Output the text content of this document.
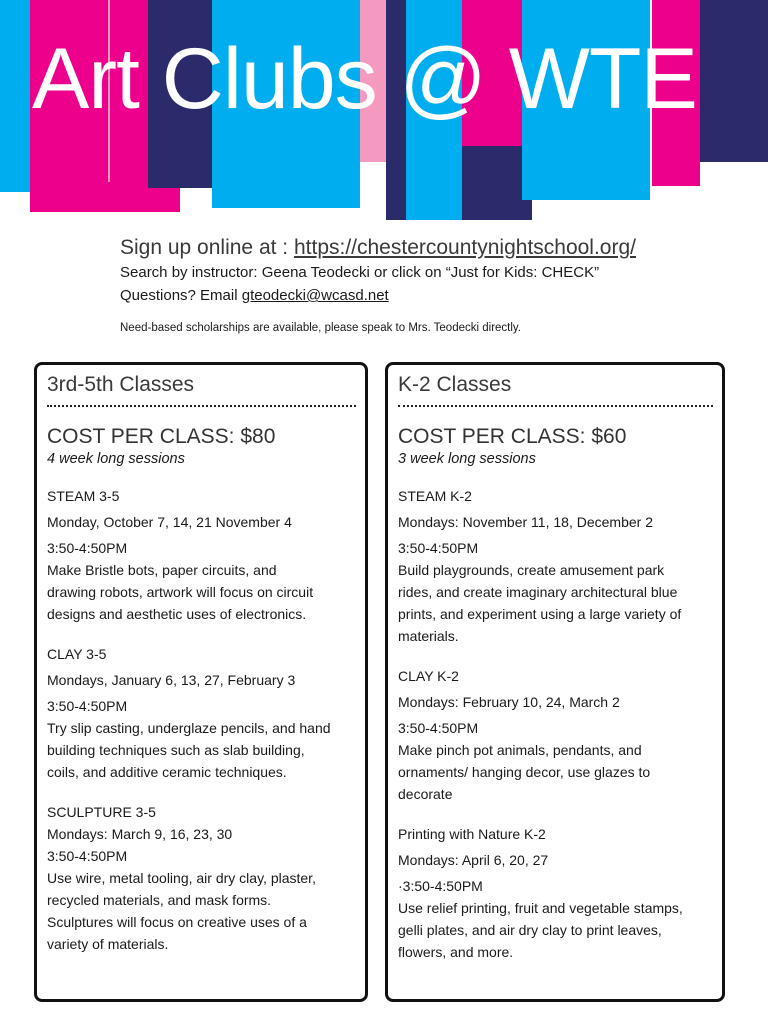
Art Clubs @ WTE

Sign up online at : https://chestercountynightschool.org/

Search by instructor: Geena Teodecki or click on “Just for Kids: CHECK”

Questions? Email gteodecki@wcasd.net

Need-based scholarships are available, please speak to Mrs. Teodecki directly.

3rd-5th Classes

COST PER CLASS: $80

4 week long sessions

STEAM 3-5

Monday, October 7, 14, 21 November 4

3:50-4:50PM

Make Bristle bots, paper circuits, and

drawing robots, artwork will focus on circuit

designs and aesthetic uses of electronics.

CLAY 3-5

Mondays, January 6, 13, 27, February 3

3:50-4:50PM

Try slip casting, underglaze pencils, and hand

building techniques such as slab building,

coils, and additive ceramic techniques.

SCULPTURE 3-5

Mondays: March 9, 16, 23, 30

3:50-4:50PM

Use wire, metal tooling, air dry clay, plaster,

recycled materials, and mask forms.

Sculptures will focus on creative uses of a

variety of materials.

K-2 Classes

COST PER CLASS: $60

3 week long sessions

STEAM K-2

Mondays: November 11, 18, December 2

3:50-4:50PM

Build playgrounds, create amusement park

rides, and create imaginary architectural blue

prints, and experiment using a large variety of

materials.

CLAY K-2

Mondays: February 10, 24, March 2

3:50-4:50PM

Make pinch pot animals, pendants, and

ornaments/ hanging decor, use glazes to

decorate

Printing with Nature K-2

Mondays: April 6, 20, 27

·3:50-4:50PM

Use relief printing, fruit and vegetable stamps,

gelli plates, and air dry clay to print leaves,

flowers, and more.
